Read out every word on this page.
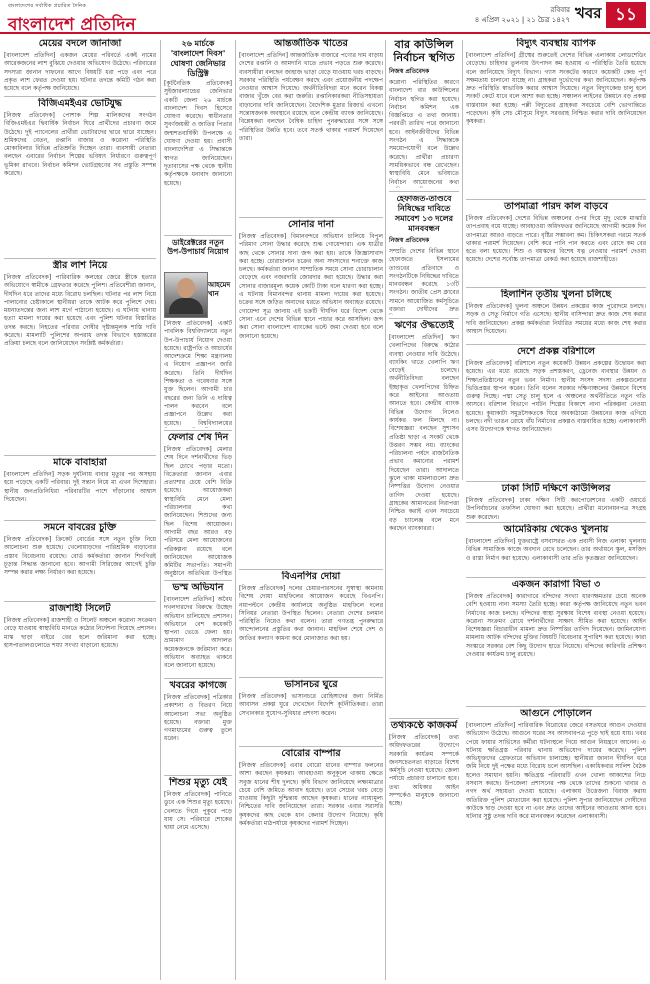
বাংলাদেশের সর্বাধিক প্রচারিত দৈনিক
বাংলাদেশ প্রতিদিন
রবিবার
৪ এপ্রিল ২০২১ | ২১ চৈত্র ১৪২৭ খবর ১১
মেয়ের বদলে জানাজা

[বাংলাদেশ প্রতিদিন] একজন মেয়ের পরিবর্তে একই নামের আরেকজনের লাশ বুঝিয়ে দেওয়ার অভিযোগ উঠেছে। পরিবারের সদস্যরা জানান দাফনের আগে বিষয়টি ধরা পড়ে এবং পরে প্রকৃত লাশ ফেরত দেওয়া হয়। ঘটনার তদন্তে কমিটি গঠন করা হয়েছে বলে কর্তৃপক্ষ জানিয়েছে।

বিজিএমইএর ভোটযুদ্ধ

[নিজস্ব প্রতিবেদক] পোশাক শিল্প মালিকদের সংগঠন বিজিএমইএর দ্বিবার্ষিক নির্বাচন ঘিরে প্রার্থীদের প্রচারণা জমে উঠেছে। দুই প্যানেলের প্রার্থীরা ভোটারদের দ্বারে দ্বারে যাচ্ছেন। শ্রমিকদের বেতন, রপ্তানি বাজার ও করোনা পরিস্থিতি মোকাবিলার বিভিন্ন প্রতিশ্রুতি দিচ্ছেন তারা। ব্যবসায়ী নেতারা বলছেন এবারের নির্বাচন শিল্পের ভবিষ্যৎ নির্ধারণে গুরুত্বপূর্ণ ভূমিকা রাখবে। নির্বাচন কমিশন ভোটগ্রহণের সব প্রস্তুতি সম্পন্ন করেছে।

স্ত্রীর লাশ নিয়ে

[নিজস্ব প্রতিবেদক] পারিবারিক কলহের জেরে স্ত্রীকে হত্যার অভিযোগে স্বামীকে গ্রেফতার করেছে পুলিশ। প্রতিবেশীরা জানান, দীর্ঘদিন ধরে তাদের মধ্যে বিরোধ চলছিল। ঘটনার পর লাশ নিয়ে পালানোর চেষ্টাকালে স্থানীয়রা তাকে আটক করে পুলিশে দেয়। ময়নাতদন্তের জন্য লাশ মর্গে পাঠানো হয়েছে। এ ঘটনায় থানায় হত্যা মামলা দায়ের করা হয়েছে এবং পুলিশ ঘটনার বিস্তারিত তদন্ত করছে। নিহতের পরিবার দোষীর দৃষ্টান্তমূলক শাস্তি দাবি করেছে। মামলাটি পুলিশের অপরাধ তদন্ত বিভাগে হস্তান্তরের প্রক্রিয়া চলছে বলে জানিয়েছেন সংশ্লিষ্ট কর্মকর্তারা।

মাকে বাবাহারা

[বাংলাদেশ প্রতিদিন] সড়ক দুর্ঘটনায় বাবার মৃত্যুর পর অসহায় হয়ে পড়েছে একটি পরিবার। দুই সন্তান নিয়ে মা এখন দিশেহারা। স্থানীয় জনপ্রতিনিধিরা পরিবারটির পাশে দাঁড়ানোর আশ্বাস দিয়েছেন।

সমনে বাবরের চুক্তি

[নিজস্ব প্রতিবেদক] ক্রিকেট বোর্ডের সঙ্গে নতুন চুক্তি নিয়ে আলোচনা শুরু হয়েছে। খেলোয়াড়দের পারিশ্রমিক বাড়ানোর প্রস্তাব বিবেচনায় রয়েছে। বোর্ড কর্মকর্তারা জানান শিগগিরই চূড়ান্ত সিদ্ধান্ত জানানো হবে। আগামী সিরিজের আগেই চুক্তি সম্পন্ন করার লক্ষ্য নির্ধারণ করা হয়েছে।

রাজশাহী সিলেট

[নিজস্ব প্রতিবেদক] রাজশাহী ও সিলেট অঞ্চলে করোনা সংক্রমণ বেড়ে যাওয়ায় স্বাস্থ্যবিধি মানতে কঠোর নির্দেশনা দিয়েছে প্রশাসন। মাস্ক ছাড়া বাইরে বের হলে জরিমানা করা হচ্ছে। হাসপাতালগুলোতে শয্যা সংখ্যা বাড়ানো হয়েছে।

২৬ মার্চকে 'বাংলাদেশ দিবস' ঘোষণা জেনিভার ডিস্ট্রিক্ট

[কূটনৈতিক প্রতিবেদক] সুইজারল্যান্ডের জেনিভার একটি জেলা ২৬ মার্চকে বাংলাদেশ দিবস হিসেবে ঘোষণা করেছে। স্বাধীনতার সুবর্ণজয়ন্তী ও জাতির পিতার জন্মশতবার্ষিকী উপলক্ষে এ ঘোষণা দেওয়া হয়। প্রবাসী বাংলাদেশিরা এ সিদ্ধান্তকে স্বাগত জানিয়েছেন। দূতাবাসের পক্ষ থেকে স্থানীয় কর্তৃপক্ষকে ধন্যবাদ জানানো হয়েছে।

ডাইরেক্টরের নতুন উপ-উপাচার্য নিয়োগ
আহমেদ খান

[নিজস্ব প্রতিবেদক] একটি পাবলিক বিশ্ববিদ্যালয়ে নতুন উপ-উপাচার্য নিয়োগ দেওয়া হয়েছে। রাষ্ট্রপতি ও আচার্যের আদেশক্রমে শিক্ষা মন্ত্রণালয় এ নিয়োগ প্রজ্ঞাপন জারি করেছে। তিনি দীর্ঘদিন শিক্ষকতা ও গবেষণার সঙ্গে যুক্ত ছিলেন। আগামী চার বছরের জন্য তিনি এ দায়িত্ব পালন করবেন বলে প্রজ্ঞাপনে উল্লেখ করা হয়েছে। বিশ্ববিদ্যালয়ের

ফেলার শেষ দিন

[নিজস্ব প্রতিবেদক] মেলার শেষ দিনে দর্শনার্থীদের ভিড় ছিল চোখে পড়ার মতো। বিক্রেতারা জানান এবার প্রত্যাশার চেয়ে বেশি বিক্রি হয়েছে। আয়োজকরা স্বাস্থ্যবিধি মেনে মেলা পরিচালনার কথা জানিয়েছেন। শিশুদের জন্য ছিল বিশেষ আয়োজন। আগামী বছর আরও বড় পরিসরে মেলা আয়োজনের পরিকল্পনা রয়েছে বলে জানিয়েছেন আয়োজক কমিটির সভাপতি। সমাপনী অনুষ্ঠানে অতিথিরা উপস্থিত

ভস্ম অভিযান

[বাংলাদেশ প্রতিদিন] অবৈধ দখলদারদের বিরুদ্ধে উচ্ছেদ অভিযান চালিয়েছে প্রশাসন। অভিযানে বেশ কয়েকটি স্থাপনা ভেঙে ফেলা হয়। ভ্রাম্যমাণ আদালত কয়েকজনকে জরিমানা করে। অভিযান অব্যাহত থাকবে বলে জানানো হয়েছে।

খবরের কাগজে

[নিজস্ব প্রতিবেদক] পত্রিকার প্রকাশনা ও বিতরণ নিয়ে আলোচনা সভা অনুষ্ঠিত হয়েছে। বক্তারা মুক্ত গণমাধ্যমের গুরুত্ব তুলে ধরেন।

শিশুর মৃত্যু যেই

[নিজস্ব প্রতিবেদক] পানিতে ডুবে এক শিশুর মৃত্যু হয়েছে। খেলতে গিয়ে পুকুরে পড়ে যায় সে। পরিবারে শোকের ছায়া নেমে এসেছে।

আন্তর্জাতিক খাতের

[বাংলাদেশ প্রতিদিন] আন্তর্জাতিক বাজারে পণ্যের দাম বাড়ায় দেশের রপ্তানি ও আমদানি খাতে প্রভাব পড়তে শুরু করেছে। ব্যবসায়ীরা বলছেন জাহাজ ভাড়া বেড়ে যাওয়ায় খরচ বাড়ছে। সরকার পরিস্থিতি পর্যবেক্ষণ করছে এবং প্রয়োজনীয় পদক্ষেপ নেওয়ার আশ্বাস দিয়েছে। অর্থনীতিবিদরা মনে করেন বিকল্প বাজার খুঁজে বের করা জরুরি। রপ্তানিকারকরা নীতিসহায়তা বাড়ানোর দাবি জানিয়েছেন। বৈদেশিক মুদ্রার রিজার্ভ এখনো সন্তোষজনক অবস্থানে রয়েছে বলে কেন্দ্রীয় ব্যাংক জানিয়েছে। বিশ্লেষকরা বলছেন বৈশ্বিক চাহিদা পুনরুদ্ধারের সঙ্গে সঙ্গে পরিস্থিতির উন্নতি হবে। তবে সতর্ক থাকার পরামর্শ দিয়েছেন তারা।

সোনার দানা

[নিজস্ব প্রতিবেদক] বিমানবন্দরে অভিযান চালিয়ে বিপুল পরিমাণ সোনা উদ্ধার করেছে শুল্ক গোয়েন্দারা। এক যাত্রীর কাছ থেকে সোনার দানা জব্দ করা হয়। তাকে জিজ্ঞাসাবাদ করা হচ্ছে। চোরাচালান চক্রের অন্য সদস্যদের শনাক্তে কাজ চলছে। কর্মকর্তারা জানান সাম্প্রতিক সময়ে সোনা চোরাচালান বেড়েছে এবং নজরদারি জোরদার করা হয়েছে। উদ্ধার করা সোনার বাজারমূল্য কয়েক কোটি টাকা বলে ধারণা করা হচ্ছে। এ ঘটনায় বিমানবন্দর থানায় মামলা দায়ের করা হয়েছে। চক্রের সঙ্গে জড়িত অন্যদের ধরতে অভিযান অব্যাহত রয়েছে। গোয়েন্দা সূত্র জানায় এই চক্রটি দীর্ঘদিন ধরে বিদেশ থেকে সোনা এনে দেশের বিভিন্ন স্থানে পাচার করে আসছিল। জব্দ করা সোনা বাংলাদেশ ব্যাংকের ভল্টে জমা দেওয়া হবে বলে জানানো হয়েছে।

বিএনপির দোয়া

[নিজস্ব প্রতিবেদক] দলের চেয়ারপারসনের সুস্বাস্থ্য কামনায় বিশেষ দোয়া মাহফিলের আয়োজন করেছে বিএনপি। নয়াপল্টনে কেন্দ্রীয় কার্যালয়ে অনুষ্ঠিত মাহফিলে দলের সিনিয়র নেতারা উপস্থিত ছিলেন। নেতারা দেশের চলমান পরিস্থিতি নিয়েও কথা বলেন। তারা গণতন্ত্র পুনরুদ্ধারে আন্দোলনের প্রস্তুতির কথা জানান। মাহফিল শেষে দেশ ও জাতির কল্যাণ কামনা করে মোনাজাত করা হয়।

ভাসানচর ঘুরে

[নিজস্ব প্রতিবেদক] ভাসানচরে রোহিঙ্গাদের জন্য নির্মিত আবাসন প্রকল্প ঘুরে দেখেছেন বিদেশি কূটনীতিকরা। তারা সেখানকার সুযোগ-সুবিধার প্রশংসা করেন।

বোরোর বাম্পার

[নিজস্ব প্রতিবেদক] এবার বোরো ধানের বাম্পার ফলনের আশা করছেন কৃষকরা। আবহাওয়া অনুকূলে থাকায় ক্ষেতে সবুজ ধানের শীষ দুলছে। কৃষি বিভাগ জানিয়েছে লক্ষ্যমাত্রার চেয়ে বেশি জমিতে আবাদ হয়েছে। তবে সেচের খরচ বেড়ে যাওয়ায় কিছুটা দুশ্চিন্তায় আছেন কৃষকরা। ধানের ন্যায্যমূল্য নিশ্চিতের দাবি জানিয়েছেন তারা। সরকার এবার সরাসরি কৃষকদের কাছ থেকে ধান কেনার উদ্যোগ নিয়েছে। কৃষি কর্মকর্তারা মাঠপর্যায়ে কৃষকদের পরামর্শ দিচ্ছেন।

বার কাউন্সিল নির্বাচন স্থগিত
নিজস্ব প্রতিবেদক

করোনা পরিস্থিতির কারণে বাংলাদেশ বার কাউন্সিলের নির্বাচন স্থগিত করা হয়েছে। নির্বাচন কমিশন এক বিজ্ঞপ্তিতে এ তথ্য জানায়। পরবর্তী তারিখ পরে জানানো হবে। আইনজীবীদের বিভিন্ন সংগঠন এ সিদ্ধান্তকে সময়োপযোগী বলে উল্লেখ করেছে। প্রার্থীরা প্রচারণা সাময়িকভাবে বন্ধ রেখেছেন। স্বাস্থ্যবিধি মেনে ভবিষ্যতে নির্বাচন আয়োজনের কথা

হেফাজত-তাণ্ডবে নিষিদ্ধের দাবিতে সমাবেশ ১৩ দলের মানববন্ধন
নিজস্ব প্রতিবেদক

সম্প্রতি দেশের বিভিন্ন স্থানে হেফাজতে ইসলামের তাণ্ডবের প্রতিবাদে ও সংগঠনটিকে নিষিদ্ধের দাবিতে মানববন্ধন করেছে ১৩টি সংগঠন। জাতীয় প্রেস ক্লাবের সামনে আয়োজিত কর্মসূচিতে বক্তারা দোষীদের দ্রুত

ঋণের ঔদ্ধত্যেই

[বাংলাদেশ প্রতিদিন] ঋণ খেলাপিদের বিরুদ্ধে কঠোর ব্যবস্থা নেওয়ার দাবি উঠেছে। ব্যাংকিং খাতে খেলাপি ঋণ বেড়েই চলেছে। অর্থনীতিবিদরা বলছেন ইচ্ছাকৃত খেলাপিদের চিহ্নিত করে আইনের আওতায় আনতে হবে। কেন্দ্রীয় ব্যাংক বিভিন্ন উদ্যোগ নিলেও কার্যকর ফল মিলছে না। বিশেষজ্ঞরা বলছেন সুশাসন প্রতিষ্ঠা ছাড়া এ সংকট থেকে উত্তরণ সম্ভব নয়। ব্যাংকের পরিচালনা পর্ষদে রাজনৈতিক প্রভাব কমানোর পরামর্শ দিয়েছেন তারা। আদালতে ঝুলে থাকা মামলাগুলো দ্রুত নিষ্পত্তির উদ্যোগ নেওয়ার তাগিদ দেওয়া হয়েছে। গ্রাহকের আমানতের নিরাপত্তা নিশ্চিত করাই এখন সবচেয়ে বড় চ্যালেঞ্জ বলে মনে করছেন ব্যাংকাররা।

তথ্যকণ্ঠে কাজকর্ম

[নিজস্ব প্রতিবেদক] তথ্য অধিদফতরের উদ্যোগে সরকারি কার্যক্রম সম্পর্কে জনসচেতনতা বাড়াতে বিশেষ কর্মসূচি নেওয়া হয়েছে। জেলা পর্যায়ে প্রচারণা চালানো হবে। তথ্য অধিকার আইন সম্পর্কেও মানুষকে জানানো হচ্ছে।

বিদ্যুৎ ব্যবস্থায় ব্যাপক

[বাংলাদেশ প্রতিদিন] গ্রীষ্মের শুরুতেই দেশের বিভিন্ন এলাকায় লোডশেডিং বেড়েছে। চাহিদার তুলনায় উৎপাদন কম হওয়ায় এ পরিস্থিতি তৈরি হয়েছে বলে জানিয়েছে বিদ্যুৎ বিভাগ। গ্যাস সংকটের কারণে কয়েকটি কেন্দ্র পূর্ণ সক্ষমতায় চালানো যাচ্ছে না। গ্রাহকরা দুর্ভোগের কথা জানিয়েছেন। কর্তৃপক্ষ দ্রুত পরিস্থিতি স্বাভাবিক করার আশ্বাস দিয়েছে। নতুন বিদ্যুৎকেন্দ্র চালু হলে সংকট কেটে যাবে বলে আশা করা হচ্ছে। সঞ্চালন লাইনের উন্নয়নে বড় প্রকল্প বাস্তবায়ন করা হচ্ছে। পল্লী বিদ্যুতের গ্রাহকরা সবচেয়ে বেশি ভোগান্তিতে পড়েছেন। কৃষি সেচ মৌসুমে বিদ্যুৎ সরবরাহ নিশ্চিত করার দাবি জানিয়েছেন কৃষকরা।

তাপমাত্রা পারদ কাল বাড়বে

[নিজস্ব প্রতিবেদক] দেশের বিভিন্ন অঞ্চলের ওপর দিয়ে মৃদু থেকে মাঝারি তাপপ্রবাহ বয়ে যাচ্ছে। আবহাওয়া অধিদফতর জানিয়েছে আগামী কয়েক দিন তাপমাত্রা আরও বাড়তে পারে। বৃষ্টির সম্ভাবনা কম। চিকিৎসকরা গরমে সতর্ক থাকার পরামর্শ দিয়েছেন। বেশি করে পানি পান করতে এবং রোদে কম বের হতে বলা হয়েছে। শিশু ও বয়স্কদের বিশেষ যত্ন নেওয়ার পরামর্শ দেওয়া হয়েছে। দেশের সর্বোচ্চ তাপমাত্রা রেকর্ড করা হয়েছে রাজশাহীতে।

হিলাশিন তৃতীয় খুলনা চলিছে

[নিজস্ব প্রতিবেদক] খুলনা অঞ্চলে উন্নয়ন প্রকল্পের কাজ পুরোদমে চলছে। সড়ক ও সেতু নির্মাণে গতি এসেছে। স্থানীয় বাসিন্দারা দ্রুত কাজ শেষ করার দাবি জানিয়েছেন। প্রকল্প কর্মকর্তারা নির্ধারিত সময়ের মধ্যে কাজ শেষ করার আশ্বাস দিয়েছেন।

দেশে প্রকল্প বরিশালে

[নিজস্ব প্রতিবেদক] বরিশালে নতুন কয়েকটি উন্নয়ন প্রকল্পের উদ্বোধন করা হয়েছে। এর মধ্যে রয়েছে সড়ক প্রশস্তকরণ, ড্রেনেজ ব্যবস্থার উন্নয়ন ও শিক্ষাপ্রতিষ্ঠানের নতুন ভবন নির্মাণ। স্থানীয় সংসদ সদস্য প্রকল্পগুলোর ভিত্তিপ্রস্তর স্থাপন করেন। তিনি বলেন সরকার দক্ষিণাঞ্চলের উন্নয়নে বিশেষ গুরুত্ব দিচ্ছে। পদ্মা সেতু চালু হলে এ অঞ্চলের অর্থনীতিতে নতুন গতি আসবে। বরিশাল বিভাগে পর্যটন শিল্পের বিকাশে নানা পরিকল্পনা নেওয়া হয়েছে। কুয়াকাটা সমুদ্রসৈকতকে ঘিরে অবকাঠামো উন্নয়নের কাজ এগিয়ে চলছে। নদী ভাঙন রোধে বাঁধ নির্মাণের প্রকল্পও বাস্তবায়িত হচ্ছে। এলাকাবাসী এসব উদ্যোগকে স্বাগত জানিয়েছেন।

ঢাকা সিটি দক্ষিণে কাউন্সিলর

[নিজস্ব প্রতিবেদক] ঢাকা দক্ষিণ সিটি করপোরেশনের একটি ওয়ার্ডে উপনির্বাচনের তফসিল ঘোষণা করা হয়েছে। প্রার্থীরা মনোনয়নপত্র সংগ্রহ শুরু করেছেন।

আমেরিকায় থেকেও খুলনায়

[বাংলাদেশ প্রতিদিন] যুক্তরাষ্ট্রে বসবাসরত এক প্রবাসী নিজ এলাকা খুলনায় বিভিন্ন সামাজিক কাজে অবদান রেখে চলেছেন। তার অর্থায়নে স্কুল, মসজিদ ও রাস্তা নির্মাণ করা হয়েছে। এলাকাবাসী তার প্রতি কৃতজ্ঞতা জানিয়েছেন।

একজন কারাগা বিভা ৩

[নিজস্ব প্রতিবেদক] কারাগারে বন্দিদের সংখ্যা ধারণক্ষমতার চেয়ে অনেক বেশি হওয়ায় নানা সমস্যা তৈরি হচ্ছে। কারা কর্তৃপক্ষ জানিয়েছে নতুন ভবন নির্মাণের কাজ চলছে। বন্দিদের স্বাস্থ্য সুরক্ষায় বিশেষ ব্যবস্থা নেওয়া হয়েছে। করোনা সংক্রমণ রোধে দর্শনার্থীদের সাক্ষাৎ সীমিত করা হয়েছে। আইন বিশেষজ্ঞরা বিচারাধীন মামলা দ্রুত নিষ্পত্তির তাগিদ দিয়েছেন। জামিনযোগ্য মামলায় আটক বন্দিদের মুক্তির বিষয়টি বিবেচনার সুপারিশ করা হয়েছে। কারা সংস্কারে সরকার বেশ কিছু উদ্যোগ হাতে নিয়েছে। বন্দিদের কারিগরি প্রশিক্ষণ দেওয়ার কার্যক্রম চালু রয়েছে।

আগুনে পোড়ালেন

[বাংলাদেশ প্রতিদিন] পারিবারিক বিরোধের জেরে বসতঘরে আগুন দেওয়ার অভিযোগ উঠেছে। আগুনে ঘরের সব আসবাবপত্র পুড়ে ছাই হয়ে যায়। খবর পেয়ে ফায়ার সার্ভিসের কর্মীরা ঘটনাস্থলে গিয়ে আগুন নিয়ন্ত্রণে আনেন। এ ঘটনায় ক্ষতিগ্রস্ত পরিবার থানায় অভিযোগ দায়ের করেছে। পুলিশ অভিযুক্তদের গ্রেফতারে অভিযান চালাচ্ছে। স্থানীয়রা জানান দীর্ঘদিন ধরে জমি নিয়ে দুই পক্ষের মধ্যে বিরোধ চলে আসছিল। একাধিকবার সালিশ বৈঠক হলেও সমাধান হয়নি। ক্ষতিগ্রস্ত পরিবারটি এখন খোলা আকাশের নিচে বসবাস করছে। উপজেলা প্রশাসনের পক্ষ থেকে তাদের শুকনো খাবার ও নগদ অর্থ সহায়তা দেওয়া হয়েছে। এলাকায় উত্তেজনা বিরাজ করায় অতিরিক্ত পুলিশ মোতায়েন করা হয়েছে। পুলিশ সুপার জানিয়েছেন দোষীদের কাউকে ছাড় দেওয়া হবে না এবং দ্রুত তাদের আইনের আওতায় আনা হবে। ঘটনার সুষ্ঠু তদন্ত দাবি করে মানববন্ধন করেছেন এলাকাবাসী।
